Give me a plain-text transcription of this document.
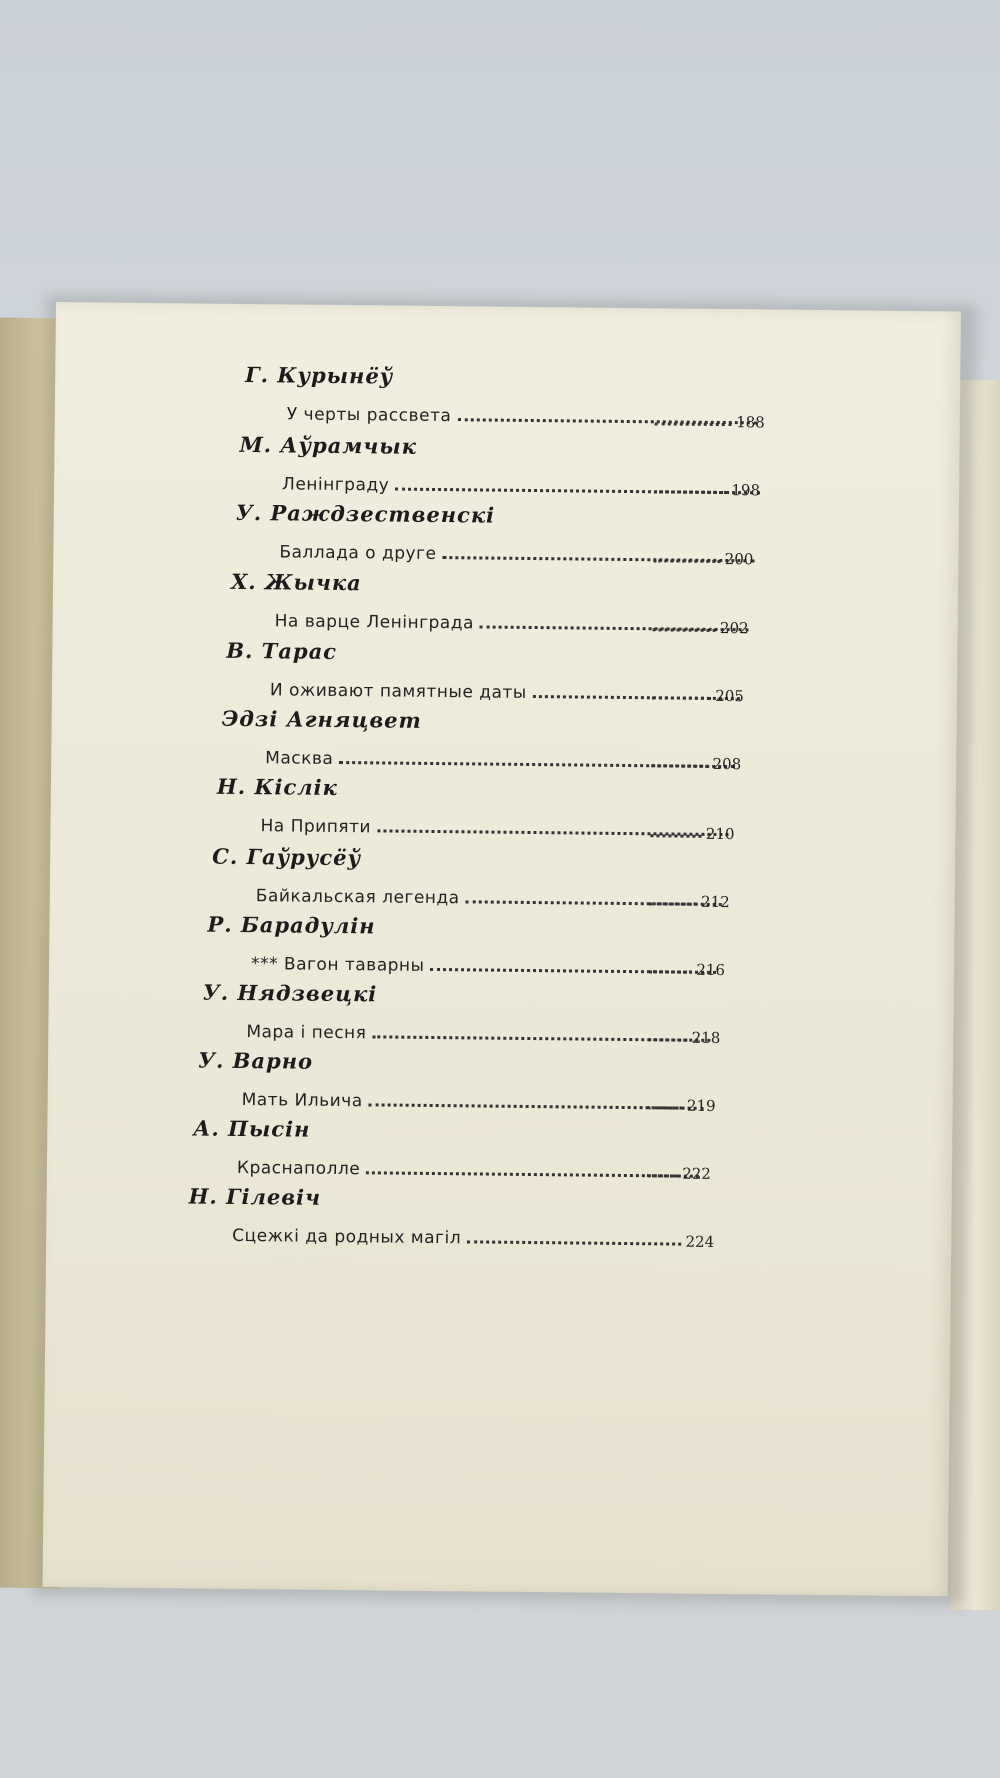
Г. Курынёў
У черты рассвета	188
М. Аўрамчык
Ленінграду	198
У. Раждзественскі
Баллада о друге	200
Х. Жычка
На варце Ленінграда	202
В. Тарас
И оживают памятные даты	205
Эдзі Агняцвет
Масква	208
Н. Кіслік
На Припяти	210
С. Гаўрусёў
Байкальская легенда	212
Р. Барадулін
*** Вагон таварны	216
У. Нядзвецкі
Мара і песня	218
У. Варно
Мать Ильича	219
А. Пысін
Краснаполле	222
Н. Гілевіч
Сцежкі да родных магіл	224
